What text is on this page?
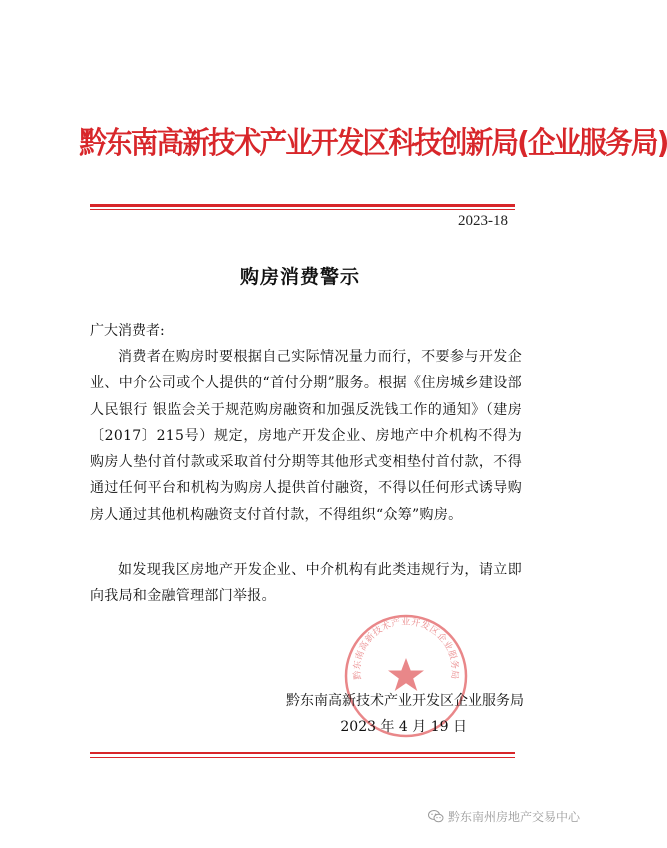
黔东南高新技术产业开发区科技创新局(企业服务局)
2023-18
购房消费警示
广大消费者:
消费者在购房时要根据自己实际情况量力而行，不要参与开发企业、中介公司或个人提供的“首付分期”服务。根据《住房城乡建设部 人民银行 银监会关于规范购房融资和加强反洗钱工作的通知》（建房〔2017〕215号）规定，房地产开发企业、房地产中介机构不得为购房人垫付首付款或采取首付分期等其他形式变相垫付首付款，不得通过任何平台和机构为购房人提供首付融资，不得以任何形式诱导购房人通过其他机构融资支付首付款，不得组织“众筹”购房。
如发现我区房地产开发企业、中介机构有此类违规行为，请立即向我局和金融管理部门举报。
黔东南高新技术产业开发区企业服务局
黔东南高新技术产业开发区企业服务局
2023 年 4 月 19 日
黔东南州房地产交易中心
